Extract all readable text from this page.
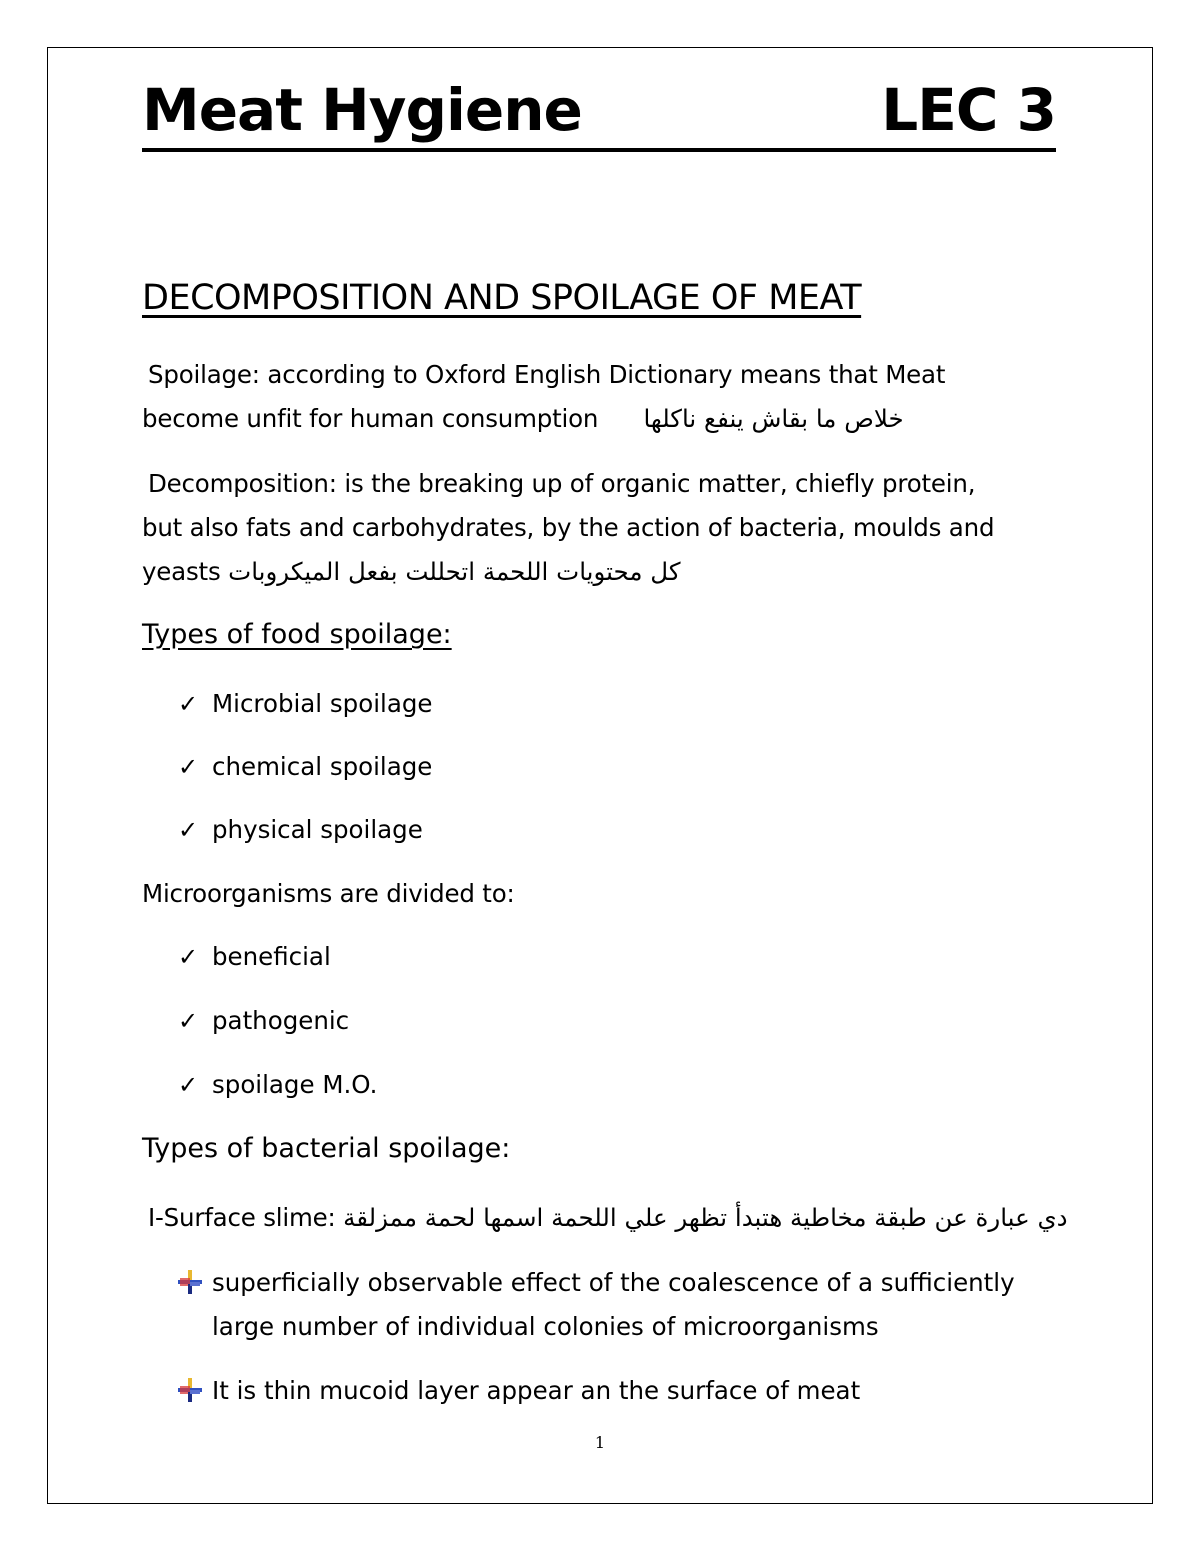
Meat Hygiene	LEC 3
DECOMPOSITION AND SPOILAGE OF MEAT
Spoilage: according to Oxford English Dictionary means that Meat
become unfit for human consumption خلاص ما بقاش ينفع ناكلها
Decomposition: is the breaking up of organic matter, chiefly protein,
but also fats and carbohydrates, by the action of bacteria, moulds and
yeasts كل محتويات اللحمة اتحللت بفعل الميكروبات
Types of food spoilage:
✓ Microbial spoilage
✓ chemical spoilage
✓ physical spoilage
Microorganisms are divided to:
✓ beneficial
✓ pathogenic
✓ spoilage M.O.
Types of bacterial spoilage:
I-Surface slime: دي عبارة عن طبقة مخاطية هتبدأ تظهر علي اللحمة اسمها لحمة ممزلقة
superficially observable effect of the coalescence of a sufficiently large number of individual colonies of microorganisms
It is thin mucoid layer appear an the surface of meat
1
